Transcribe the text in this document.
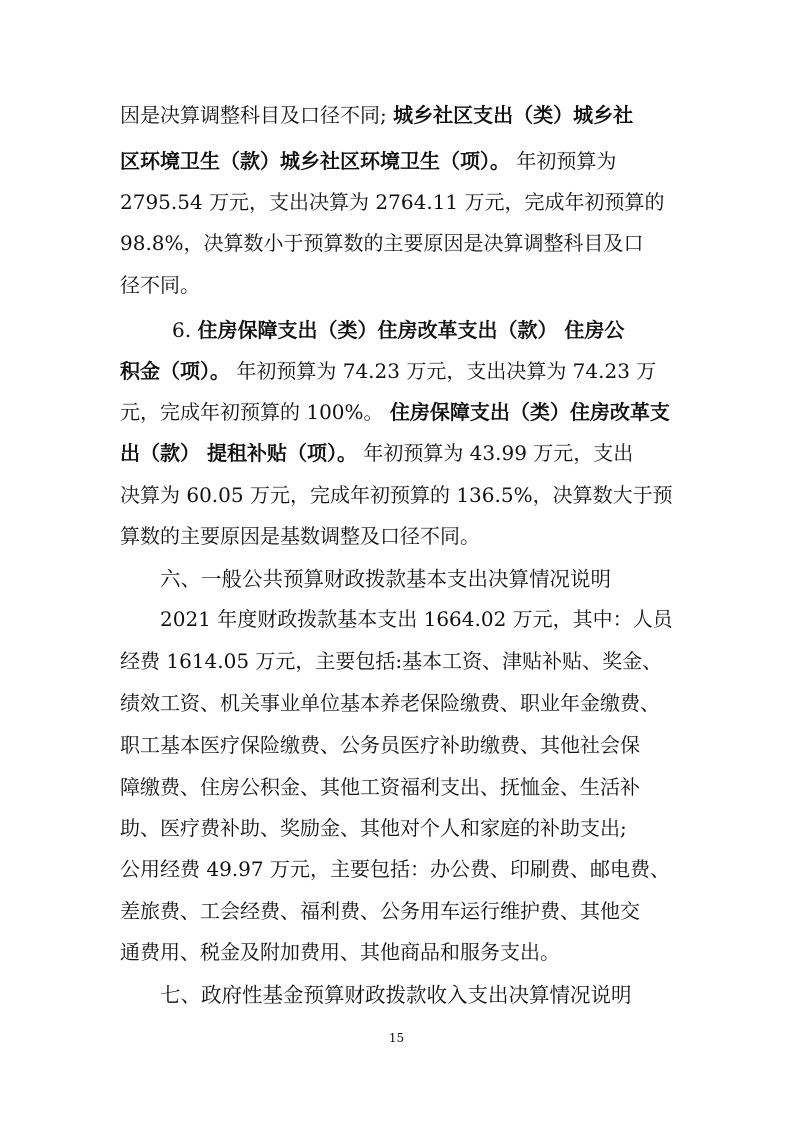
因是决算调整科目及口径不同; 城乡社区支出（类）城乡社
区环境卫生（款）城乡社区环境卫生（项）。 年初预算为
2795.54 万元，支出决算为 2764.11 万元，完成年初预算的
98.8%，决算数小于预算数的主要原因是决算调整科目及口
径不同。
6. 住房保障支出（类）住房改革支出（款） 住房公
积金（项）。 年初预算为 74.23 万元，支出决算为 74.23 万
元，完成年初预算的 100%。 住房保障支出（类）住房改革支
出（款） 提租补贴（项）。 年初预算为 43.99 万元，支出
决算为 60.05 万元，完成年初预算的 136.5%，决算数大于预
算数的主要原因是基数调整及口径不同。
六、一般公共预算财政拨款基本支出决算情况说明
2021 年度财政拨款基本支出 1664.02 万元，其中：人员
经费 1614.05 万元，主要包括:基本工资、津贴补贴、奖金、
绩效工资、机关事业单位基本养老保险缴费、职业年金缴费、
职工基本医疗保险缴费、公务员医疗补助缴费、其他社会保
障缴费、住房公积金、其他工资福利支出、抚恤金、生活补
助、医疗费补助、奖励金、其他对个人和家庭的补助支出;
公用经费 49.97 万元，主要包括：办公费、印刷费、邮电费、
差旅费、工会经费、福利费、公务用车运行维护费、其他交
通费用、税金及附加费用、其他商品和服务支出。
七、政府性基金预算财政拨款收入支出决算情况说明
15
